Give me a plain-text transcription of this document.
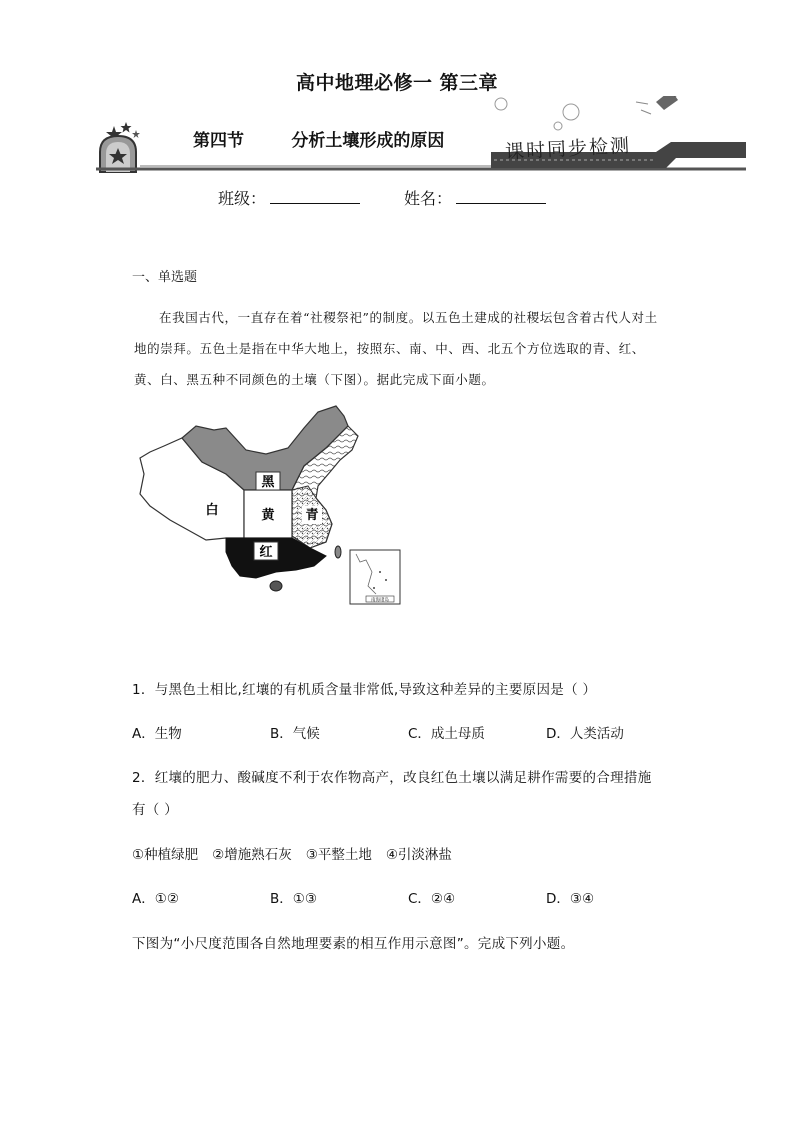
高中地理必修一 第三章
第四节        分析土壤形成的原因	课时同步检测
班级：	姓名：
一、单选题
在我国古代，一直存在着“社稷祭祀”的制度。以五色土建成的社稷坛包含着古代人对土地的崇拜。五色土是指在中华大地上，按照东、南、中、西、北五个方位选取的青、红、黄、白、黑五种不同颜色的土壤（下图）。据此完成下面小题。
南海诸岛
黑
白	黄 青
红
1．与黑色土相比,红壤的有机质含量非常低,导致这种差异的主要原因是（ ）
A．生物	B．气候	C．成土母质	D．人类活动
2．红壤的肥力、酸碱度不利于农作物高产，改良红色土壤以满足耕作需要的合理措施
有（ ）
①种植绿肥 ②增施熟石灰 ③平整土地 ④引淡淋盐
A．①②	B．①③	C．②④	D．③④
下图为“小尺度范围各自然地理要素的相互作用示意图”。完成下列小题。
